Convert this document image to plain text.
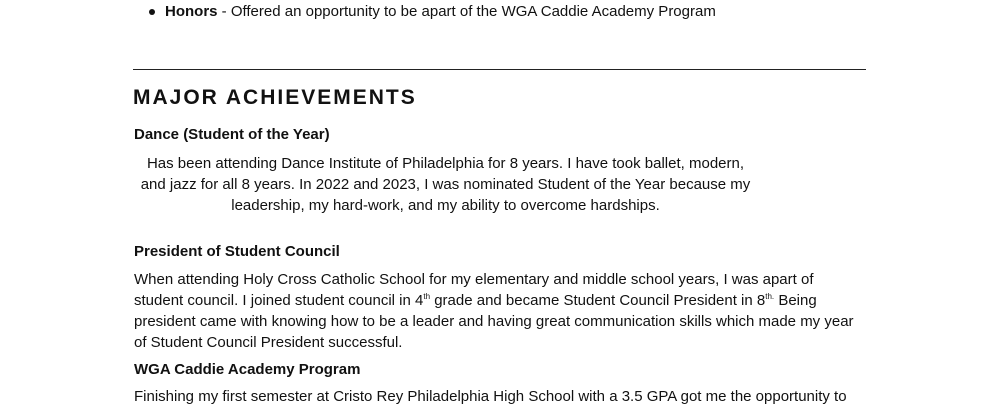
Honors - Offered an opportunity to be apart of the WGA Caddie Academy Program
MAJOR ACHIEVEMENTS
Dance (Student of the Year)
Has been attending Dance Institute of Philadelphia for 8 years. I have took ballet, modern,
and jazz for all 8 years. In 2022 and 2023, I was nominated Student of the Year because my
leadership, my hard-work, and my ability to overcome hardships.
President of Student Council
When attending Holy Cross Catholic School for my elementary and middle school years, I was apart of
student council. I joined student council in 4th grade and became Student Council President in $8^{th.}$ Being
president came with knowing how to be a leader and having great communication skills which made my year
of Student Council President successful.
WGA Caddie Academy Program
Finishing my first semester at Cristo Rey Philadelphia High School with a 3.5 GPA got me the opportunity to
